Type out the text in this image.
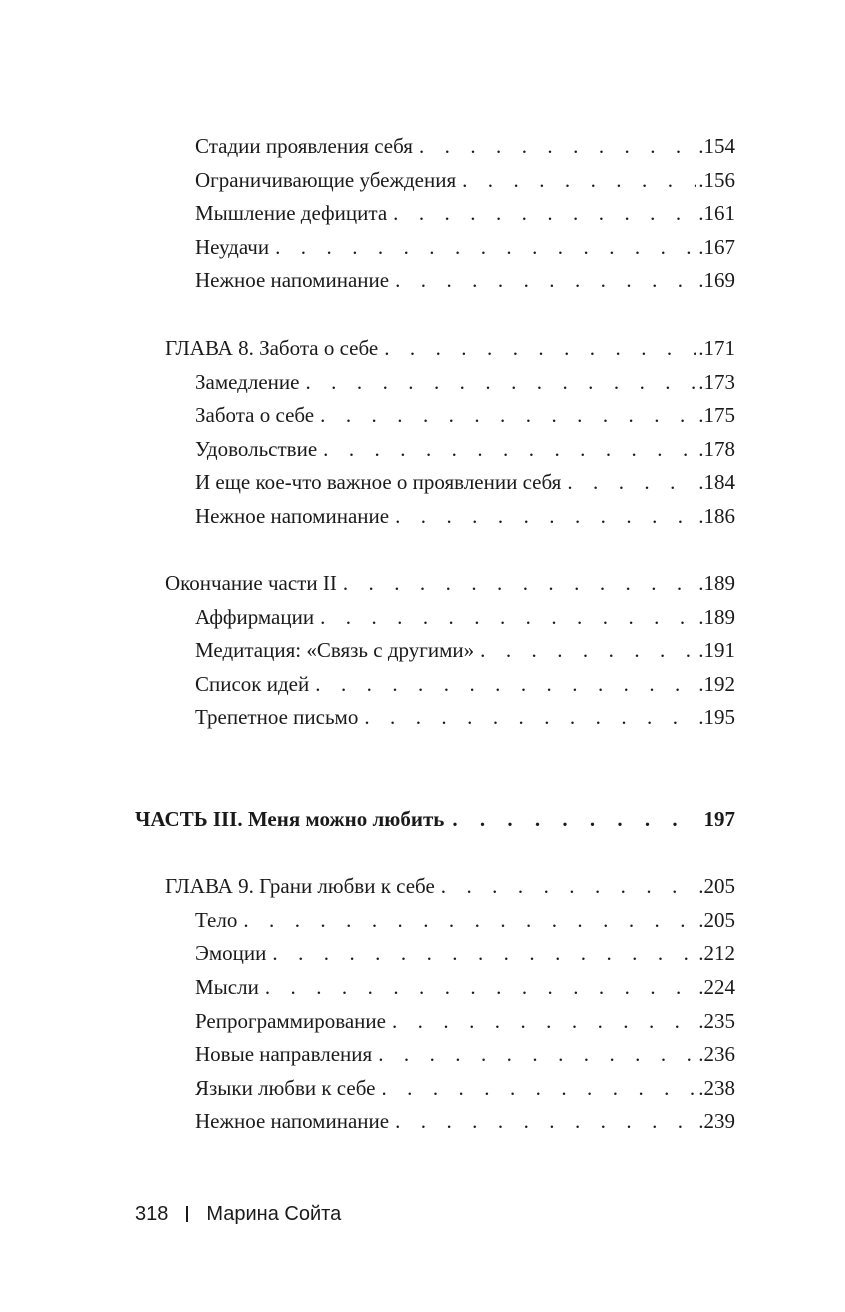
Стадии проявления себя . . .	.154
Ограничивающие убеждения . . .	.156
Мышление дефицита . . .	.161
Неудачи . . .	.167
Нежное напоминание . . .	.169
ГЛАВА 8. Забота о себе . . .	.171
Замедление . . .	.173
Забота о себе . . .	.175
Удовольствие . . .	.178
И еще кое-что важное о проявлении себя . . .	.184
Нежное напоминание . . .	.186
Окончание части II . . .	.189
Аффирмации . . .	.189
Медитация: «Связь с другими» . . .	.191
Список идей . . .	.192
Трепетное письмо . . .	.195
ЧАСТЬ III. Меня можно любить . . .	197
ГЛАВА 9. Грани любви к себе . . .	.205
Тело . . .	.205
Эмоции . . .	.212
Мысли . . .	.224
Репрограммирование . . .	.235
Новые направления . . .	.236
Языки любви к себе . . .	.238
Нежное напоминание . . .	.239
318 Марина Сойта
